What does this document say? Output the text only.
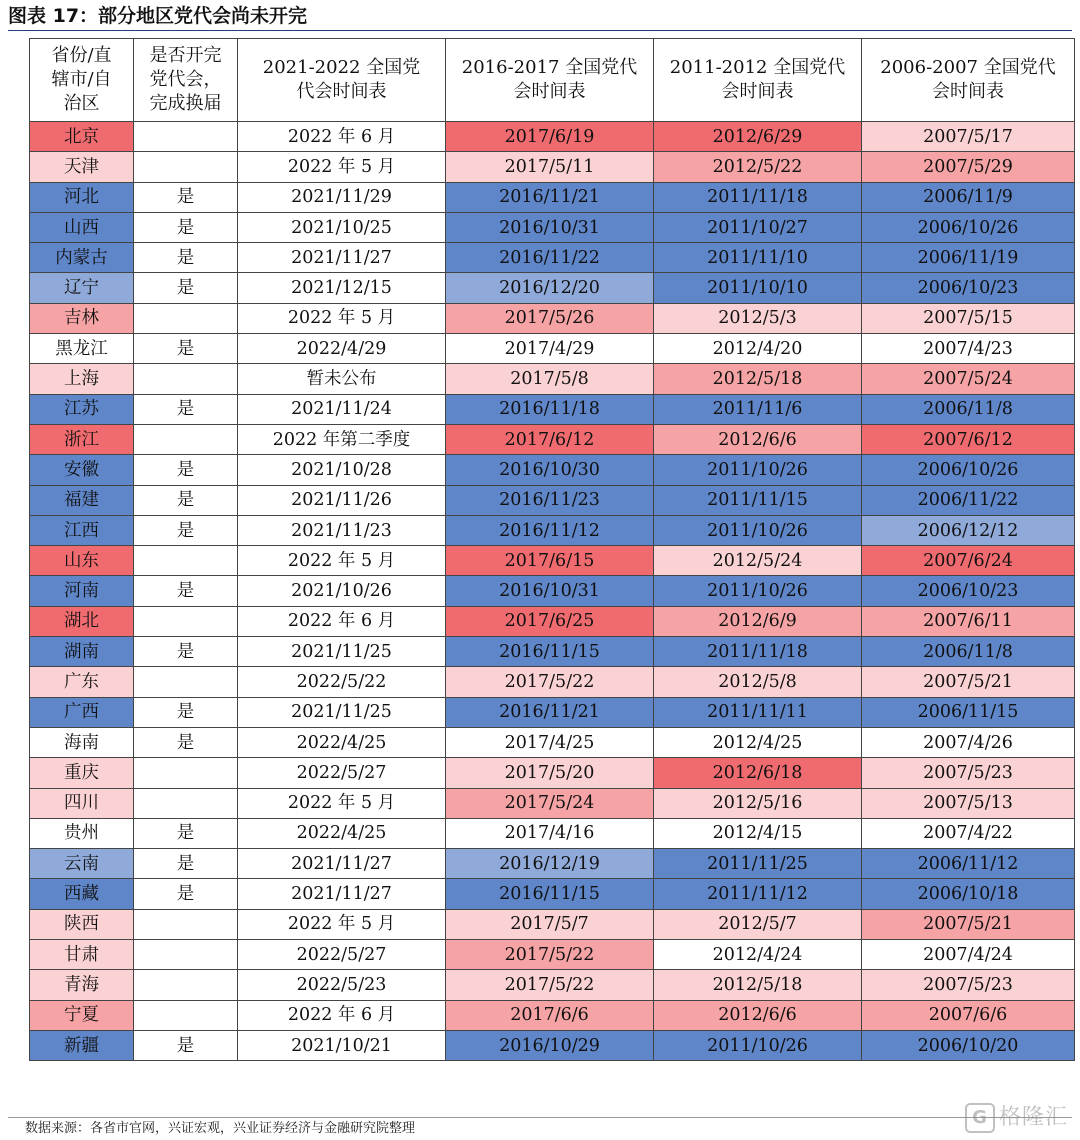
图表 17：部分地区党代会尚未开完
省份/直辖市/自治区	是否开完党代会，完成换届	2021-2022 全国党代会时间表	2016-2017 全国党代会时间表	2011-2012 全国党代会时间表	2006-2007 全国党代会时间表
北京		2022 年 6 月	2017/6/19	2012/6/29	2007/5/17
天津		2022 年 5 月	2017/5/11	2012/5/22	2007/5/29
河北	是	2021/11/29	2016/11/21	2011/11/18	2006/11/9
山西	是	2021/10/25	2016/10/31	2011/10/27	2006/10/26
内蒙古	是	2021/11/27	2016/11/22	2011/11/10	2006/11/19
辽宁	是	2021/12/15	2016/12/20	2011/10/10	2006/10/23
吉林		2022 年 5 月	2017/5/26	2012/5/3	2007/5/15
黑龙江	是	2022/4/29	2017/4/29	2012/4/20	2007/4/23
上海		暂未公布	2017/5/8	2012/5/18	2007/5/24
江苏	是	2021/11/24	2016/11/18	2011/11/6	2006/11/8
浙江		2022 年第二季度	2017/6/12	2012/6/6	2007/6/12
安徽	是	2021/10/28	2016/10/30	2011/10/26	2006/10/26
福建	是	2021/11/26	2016/11/23	2011/11/15	2006/11/22
江西	是	2021/11/23	2016/11/12	2011/10/26	2006/12/12
山东		2022 年 5 月	2017/6/15	2012/5/24	2007/6/24
河南	是	2021/10/26	2016/10/31	2011/10/26	2006/10/23
湖北		2022 年 6 月	2017/6/25	2012/6/9	2007/6/11
湖南	是	2021/11/25	2016/11/15	2011/11/18	2006/11/8
广东		2022/5/22	2017/5/22	2012/5/8	2007/5/21
广西	是	2021/11/25	2016/11/21	2011/11/11	2006/11/15
海南	是	2022/4/25	2017/4/25	2012/4/25	2007/4/26
重庆		2022/5/27	2017/5/20	2012/6/18	2007/5/23
四川		2022 年 5 月	2017/5/24	2012/5/16	2007/5/13
贵州	是	2022/4/25	2017/4/16	2012/4/15	2007/4/22
云南	是	2021/11/27	2016/12/19	2011/11/25	2006/11/12
西藏	是	2021/11/27	2016/11/15	2011/11/12	2006/10/18
陕西		2022 年 5 月	2017/5/7	2012/5/7	2007/5/21
甘肃		2022/5/27	2017/5/22	2012/4/24	2007/4/24
青海		2022/5/23	2017/5/22	2012/5/18	2007/5/23
宁夏		2022 年 6 月	2017/6/6	2012/6/6	2007/6/6
新疆	是	2021/10/21	2016/10/29	2011/10/26	2006/10/20
数据来源：各省市官网，兴证宏观，兴业证券经济与金融研究院整理
G 格隆汇
